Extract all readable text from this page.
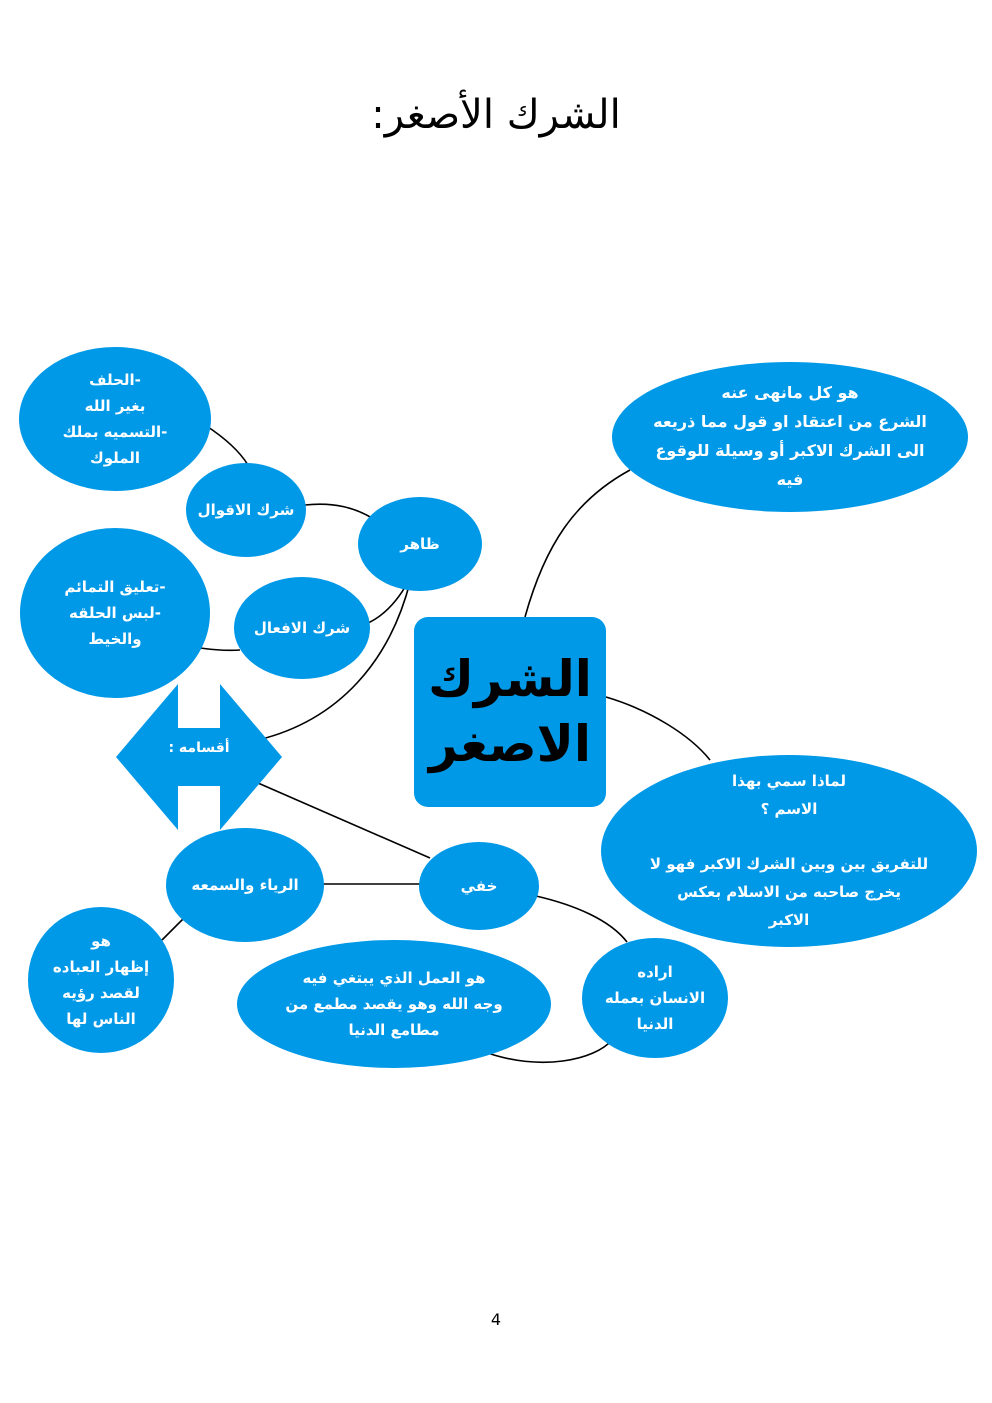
الشرك الأصغر:
هو كل مانهى عنه
الشرع من اعتقاد او قول مما ذريعه
الى الشرك الاكبر أو وسيلة للوقوع
فيه
لماذا سمي بهذا
الاسم ؟

للتفريق بين وبين الشرك الاكبر فهو لا
يخرج صاحبه من الاسلام بعكس
الاكبر
-الحلف
بغير الله
-التسميه بملك
الملوك
شرك الاقوال
ظاهر
-تعليق التمائم
-لبس الحلقه
والخيط
شرك الافعال
الشرك
الاصغر
أقسامه :
الرياء والسمعه	خفي
هو
إظهار العباده
لقصد رؤيه
الناس لها
هو العمل الذي يبتغي فيه
وجه الله وهو يقصد مطمع من
مطامع الدنيا
اراده
الانسان بعمله
الدنيا
4
